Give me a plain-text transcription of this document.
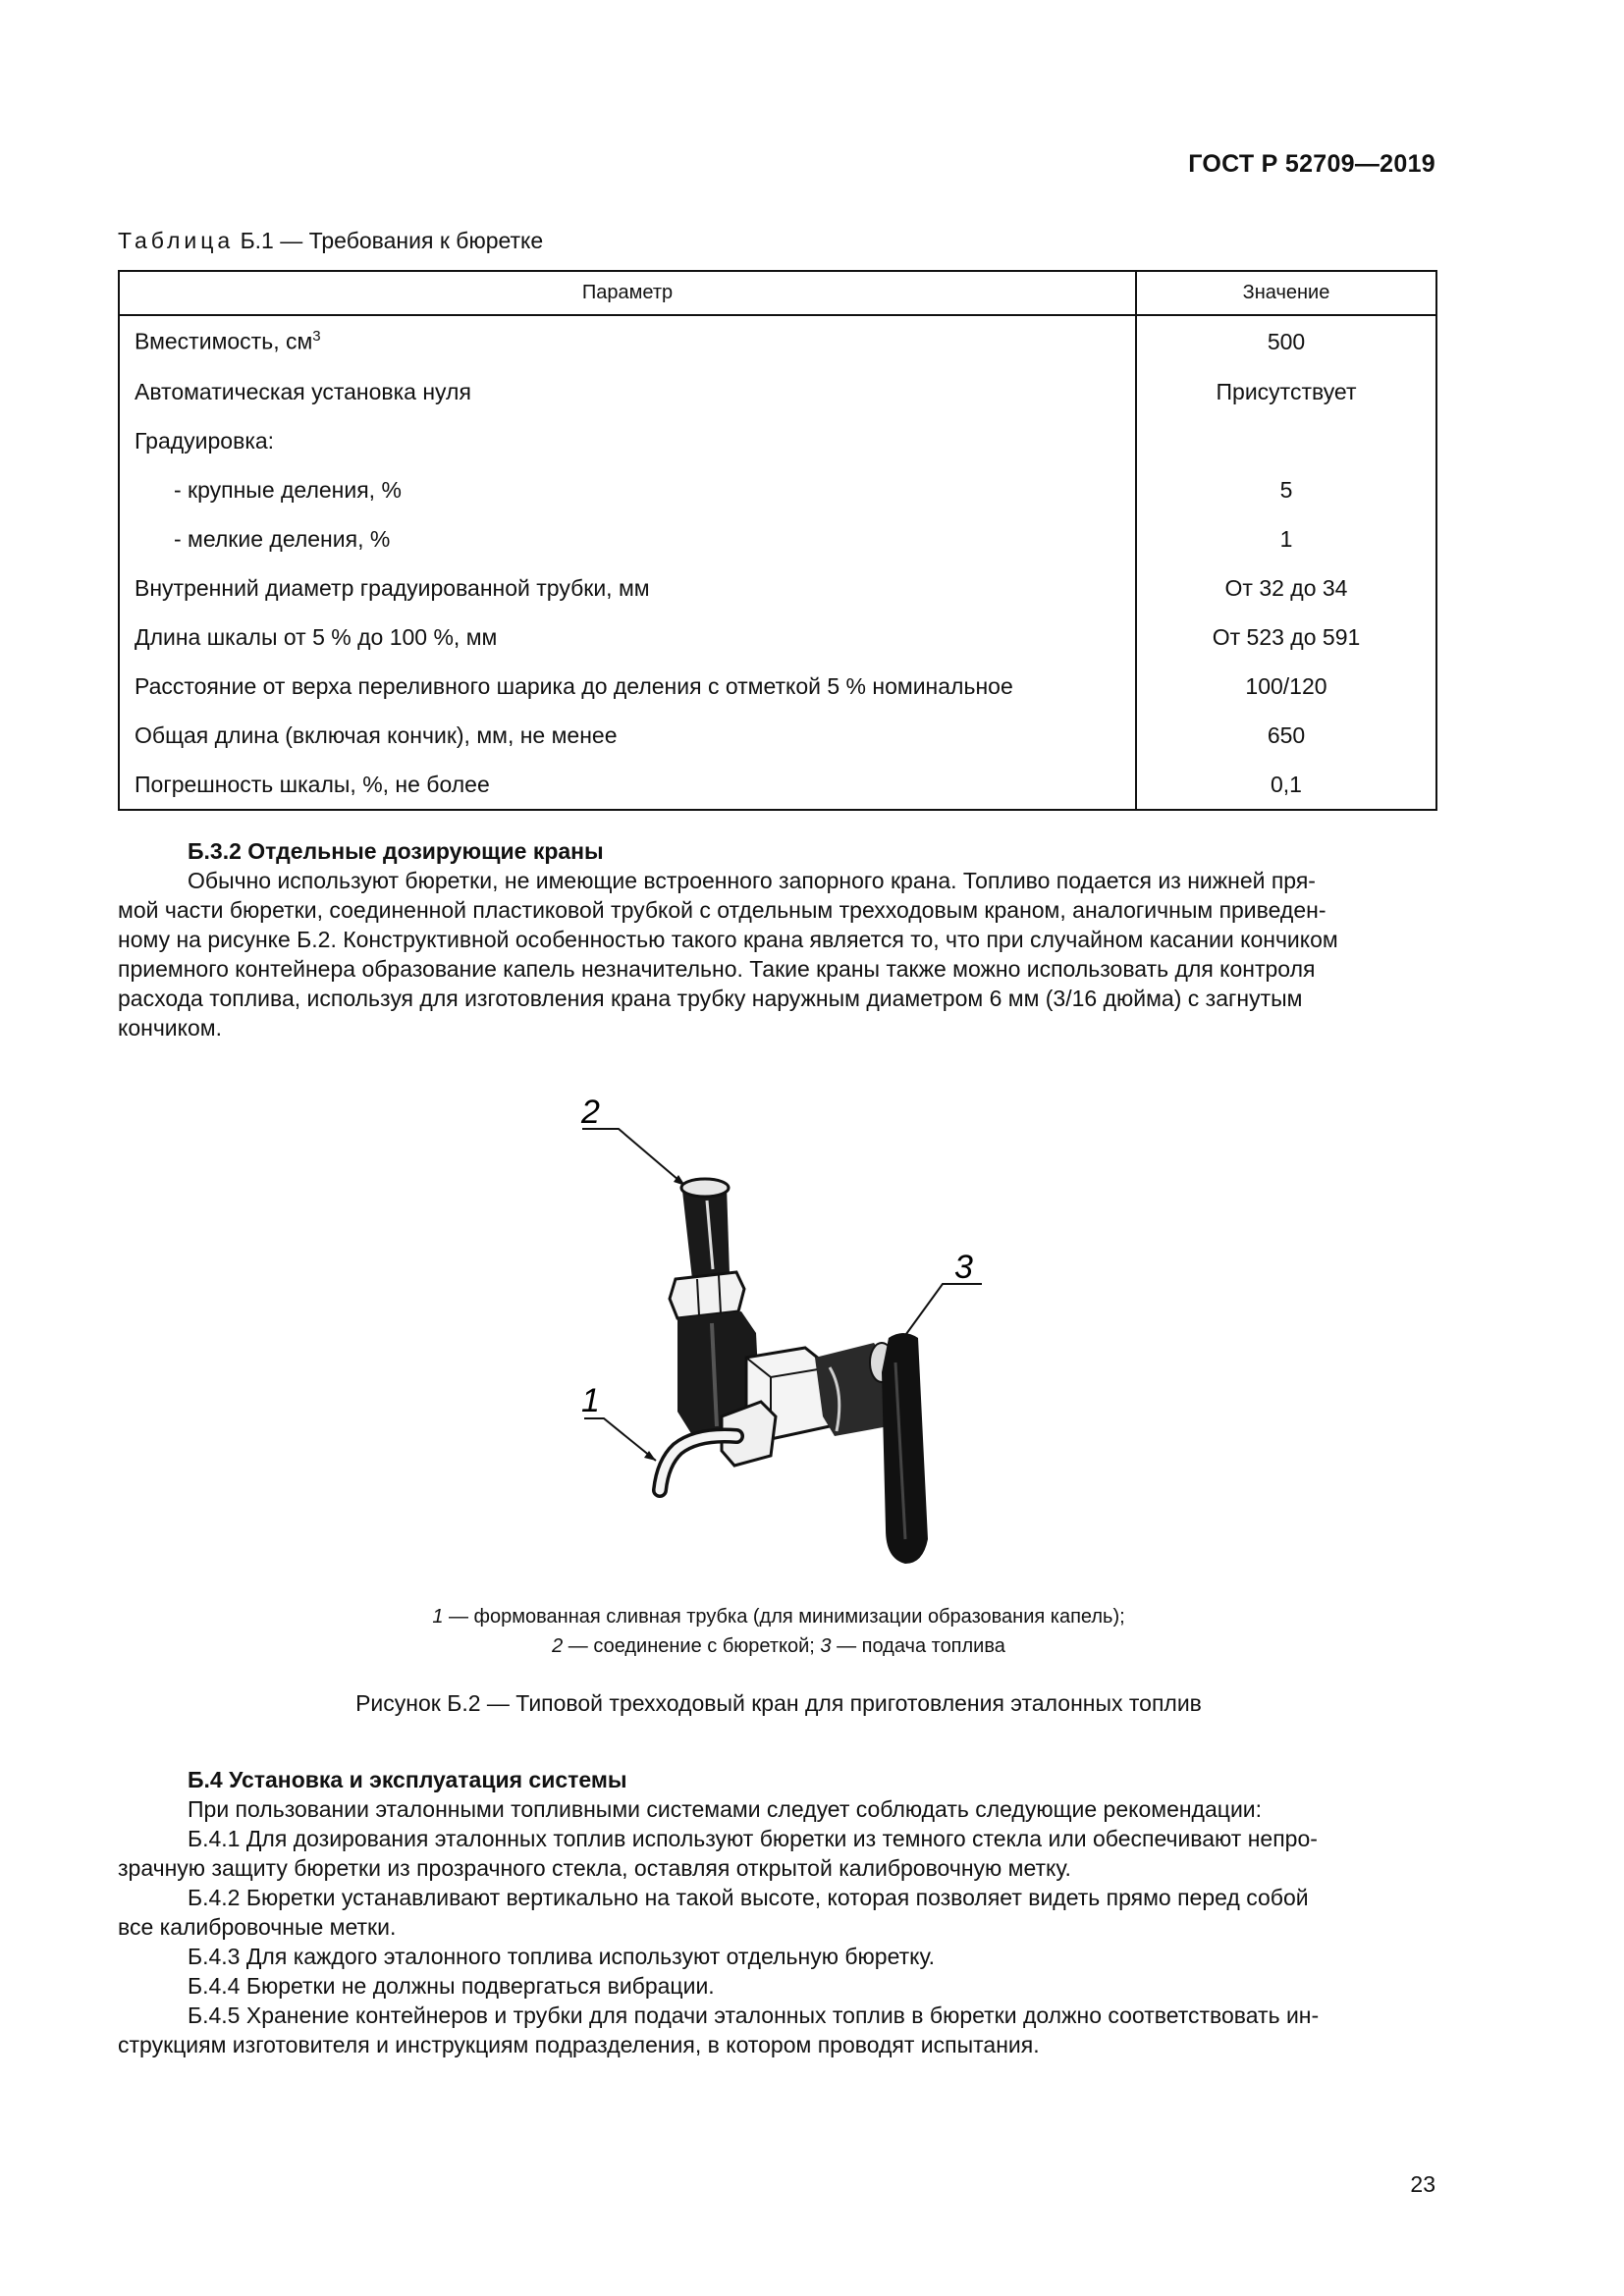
ГОСТ Р 52709—2019
Таблица Б.1 — Требования к бюретке
Параметр	Значение
Вместимость, $см^3$	500
Автоматическая установка нуля	Присутствует
Градуировка:	
- крупные деления, %	5
- мелкие деления, %	1
Внутренний диаметр градуированной трубки, мм	От 32 до 34
Длина шкалы от 5 % до 100 %, мм	От 523 до 591
Расстояние от верха переливного шарика до деления с отметкой 5 % номинальное	100/120
Общая длина (включая кончик), мм, не менее	650
Погрешность шкалы, %, не более	0,1
Б.3.2 Отдельные дозирующие краны

Обычно используют бюретки, не имеющие встроенного запорного крана. Топливо подается из нижней пря-
мой части бюретки, соединенной пластиковой трубкой с отдельным трехходовым краном, аналогичным приведен-
ному на рисунке Б.2. Конструктивной особенностью такого крана является то, что при случайном касании кончиком
приемного контейнера образование капель незначительно. Такие краны также можно использовать для контроля
расхода топлива, используя для изготовления крана трубку наружным диаметром 6 мм (3/16 дюйма) с загнутым
кончиком.

2
3
1
1 — формованная сливная трубка (для минимизации образования капель);
2 — соединение с бюреткой; 3 — подача топлива
Рисунок Б.2 — Типовой трехходовый кран для приготовления эталонных топлив
Б.4 Установка и эксплуатация системы

При пользовании эталонными топливными системами следует соблюдать следующие рекомендации:

Б.4.1 Для дозирования эталонных топлив используют бюретки из темного стекла или обеспечивают непро-
зрачную защиту бюретки из прозрачного стекла, оставляя открытой калибровочную метку.

Б.4.2 Бюретки устанавливают вертикально на такой высоте, которая позволяет видеть прямо перед собой
все калибровочные метки.

Б.4.3 Для каждого эталонного топлива используют отдельную бюретку.

Б.4.4 Бюретки не должны подвергаться вибрации.

Б.4.5 Хранение контейнеров и трубки для подачи эталонных топлив в бюретки должно соответствовать ин-
струкциям изготовителя и инструкциям подразделения, в котором проводят испытания.

23
